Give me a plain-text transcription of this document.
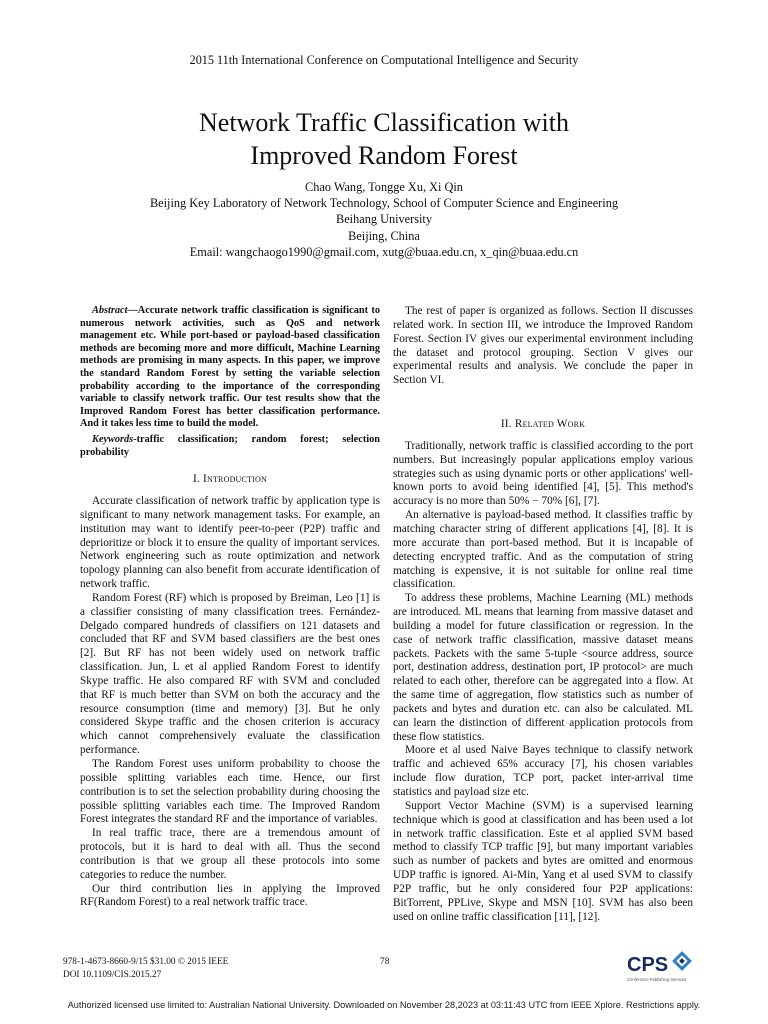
2015 11th International Conference on Computational Intelligence and Security
Network Traffic Classification with
Improved Random Forest
Chao Wang, Tongge Xu, Xi Qin
Beijing Key Laboratory of Network Technology, School of Computer Science and Engineering
Beihang University
Beijing, China
Email: wangchaogo1990@gmail.com, xutg@buaa.edu.cn, x_qin@buaa.edu.cn
Abstract—Accurate network traffic classification is significant to numerous network activities, such as QoS and network management etc. While port-based or payload-based classification methods are becoming more and more difficult, Machine Learning methods are promising in many aspects. In this paper, we improve the standard Random Forest by setting the variable selection probability according to the importance of the corresponding variable to classify network traffic. Our test results show that the Improved Random Forest has better classification performance. And it takes less time to build the model.
Keywords-traffic classification; random forest; selection probability
I. Introduction

Accurate classification of network traffic by application type is significant to many network management tasks. For example, an institution may want to identify peer-to-peer (P2P) traffic and deprioritize or block it to ensure the quality of important services. Network engineering such as route optimization and network topology planning can also benefit from accurate identification of network traffic.

Random Forest (RF) which is proposed by Breiman, Leo [1] is a classifier consisting of many classification trees. Fernández-Delgado compared hundreds of classifiers on 121 datasets and concluded that RF and SVM based classifiers are the best ones [2]. But RF has not been widely used on network traffic classification. Jun, L et al applied Random Forest to identify Skype traffic. He also compared RF with SVM and concluded that RF is much better than SVM on both the accuracy and the resource consumption (time and memory) [3]. But he only considered Skype traffic and the chosen criterion is accuracy which cannot comprehensively evaluate the classification performance.

The Random Forest uses uniform probability to choose the possible splitting variables each time. Hence, our first contribution is to set the selection probability during choosing the possible splitting variables each time. The Improved Random Forest integrates the standard RF and the importance of variables.

In real traffic trace, there are a tremendous amount of protocols, but it is hard to deal with all. Thus the second contribution is that we group all these protocols into some categories to reduce the number.

Our third contribution lies in applying the Improved RF(Random Forest) to a real network traffic trace.

The rest of paper is organized as follows. Section II discusses related work. In section III, we introduce the Improved Random Forest. Section IV gives our experimental environment including the dataset and protocol grouping. Section V gives our experimental results and analysis. We conclude the paper in Section VI.

II. Related Work

Traditionally, network traffic is classified according to the port numbers. But increasingly popular applications employ various strategies such as using dynamic ports or other applications' well-known ports to avoid being identified [4], [5]. This method's accuracy is no more than 50% − 70% [6], [7].

An alternative is payload-based method. It classifies traffic by matching character string of different applications [4], [8]. It is more accurate than port-based method. But it is incapable of detecting encrypted traffic. And as the computation of string matching is expensive, it is not suitable for online real time classification.

To address these problems, Machine Learning (ML) methods are introduced. ML means that learning from massive dataset and building a model for future classification or regression. In the case of network traffic classification, massive dataset means packets. Packets with the same 5-tuple <source address, source port, destination address, destination port, IP protocol> are much related to each other, therefore can be aggregated into a flow. At the same time of aggregation, flow statistics such as number of packets and bytes and duration etc. can also be calculated. ML can learn the distinction of different application protocols from these flow statistics.

Moore et al used Naive Bayes technique to classify network traffic and achieved 65% accuracy [7], his chosen variables include flow duration, TCP port, packet inter-arrival time statistics and payload size etc.

Support Vector Machine (SVM) is a supervised learning technique which is good at classification and has been used a lot in network traffic classification. Este et al applied SVM based method to classify TCP traffic [9], but many important variables such as number of packets and bytes are omitted and enormous UDP traffic is ignored. Ai-Min, Yang et al used SVM to classify P2P traffic, but he only considered four P2P applications: BitTorrent, PPLive, Skype and MSN [10]. SVM has also been used on online traffic classification [11], [12].

978-1-4673-8660-9/15 $31.00 © 2015 IEEE
DOI 10.1109/CIS.2015.27
78	CPS
Conference Publishing Services
Authorized licensed use limited to: Australian National University. Downloaded on November 28,2023 at 03:11:43 UTC from IEEE Xplore. Restrictions apply.
